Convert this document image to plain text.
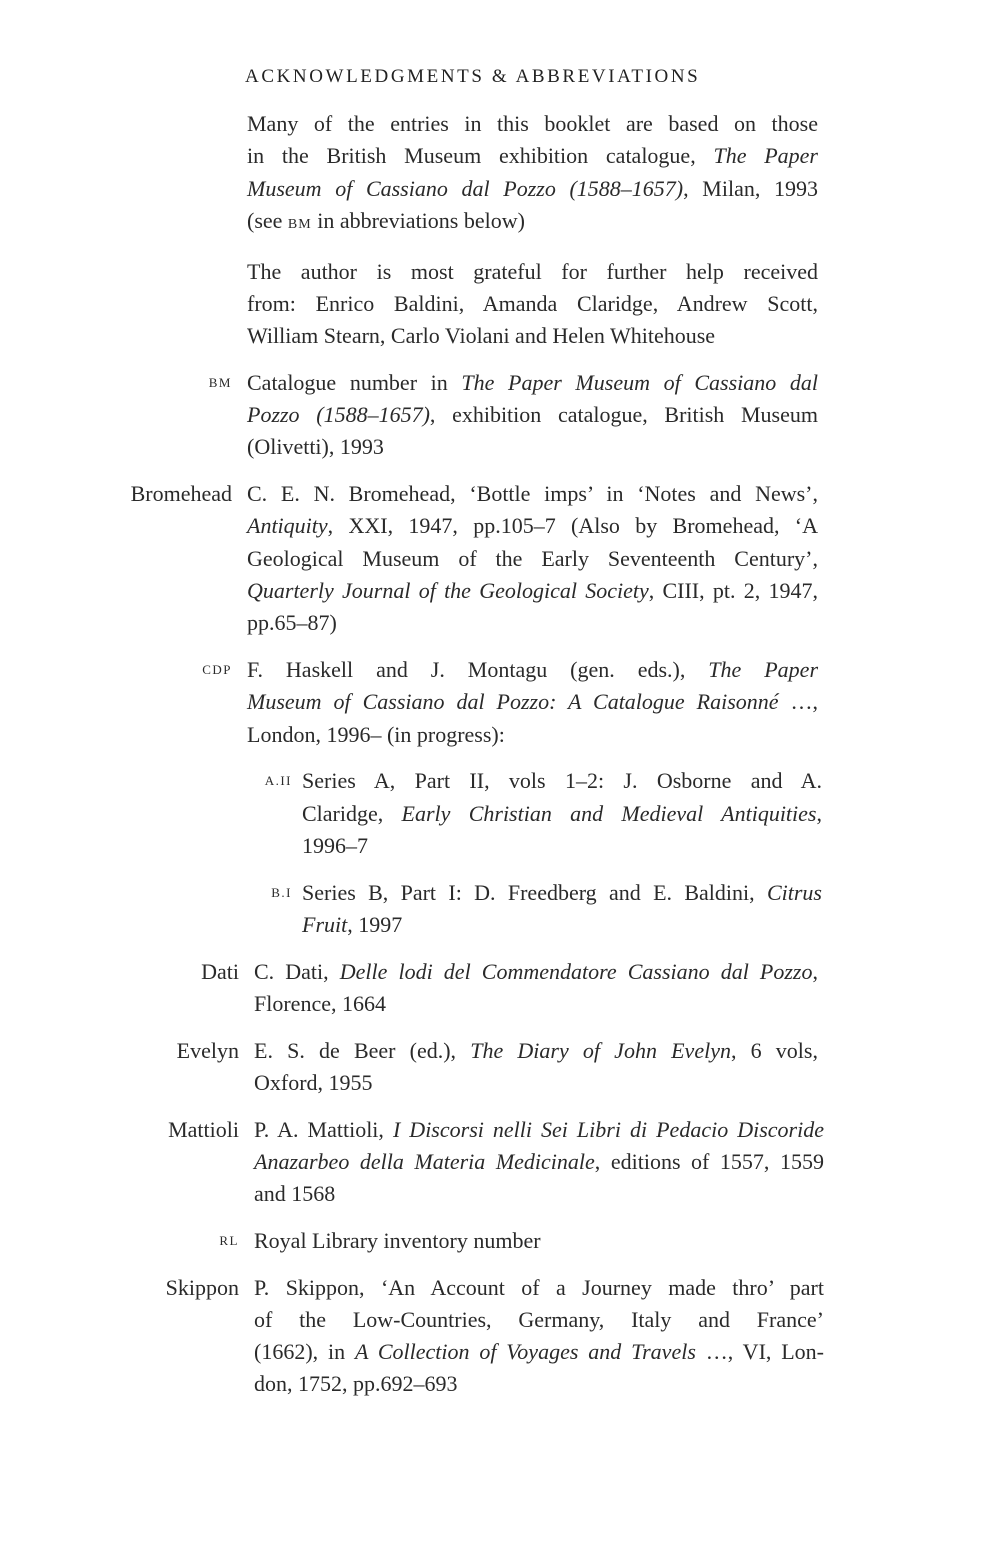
ACKNOWLEDGMENTS & ABBREVIATIONS
Many of the entries in this booklet are based on those
in the British Museum exhibition catalogue, The Paper
Museum of Cassiano dal Pozzo (1588–1657), Milan, 1993
(see BM in abbreviations below)
The author is most grateful for further help received
from: Enrico Baldini, Amanda Claridge, Andrew Scott,
William Stearn, Carlo Violani and Helen Whitehouse
BM Catalogue number in The Paper Museum of Cassiano dal
Pozzo (1588–1657), exhibition catalogue, British Museum
(Olivetti), 1993
Bromehead C. E. N. Bromehead, ‘Bottle imps’ in ‘Notes and News’,
Antiquity, XXI, 1947, pp.105–7 (Also by Bromehead, ‘A
Geological Museum of the Early Seventeenth Century’,
Quarterly Journal of the Geological Society, CIII, pt. 2, 1947,
pp.65–87)
CDP F. Haskell and J. Montagu (gen. eds.), The Paper
Museum of Cassiano dal Pozzo: A Catalogue Raisonné …,
London, 1996– (in progress):
A.II Series A, Part II, vols 1–2: J. Osborne and A.
Claridge, Early Christian and Medieval Antiquities,
1996–7
B.I Series B, Part I: D. Freedberg and E. Baldini, Citrus
Fruit, 1997
Dati C. Dati, Delle lodi del Commendatore Cassiano dal Pozzo,
Florence, 1664
Evelyn E. S. de Beer (ed.), The Diary of John Evelyn, 6 vols,
Oxford, 1955
Mattioli P. A. Mattioli, I Discorsi nelli Sei Libri di Pedacio Discoride
Anazarbeo della Materia Medicinale, editions of 1557, 1559
and 1568
RL Royal Library inventory number
Skippon P. Skippon, ‘An Account of a Journey made thro’ part
of the Low-Countries, Germany, Italy and France’
(1662), in A Collection of Voyages and Travels …, VI, Lon-
don, 1752, pp.692–693
